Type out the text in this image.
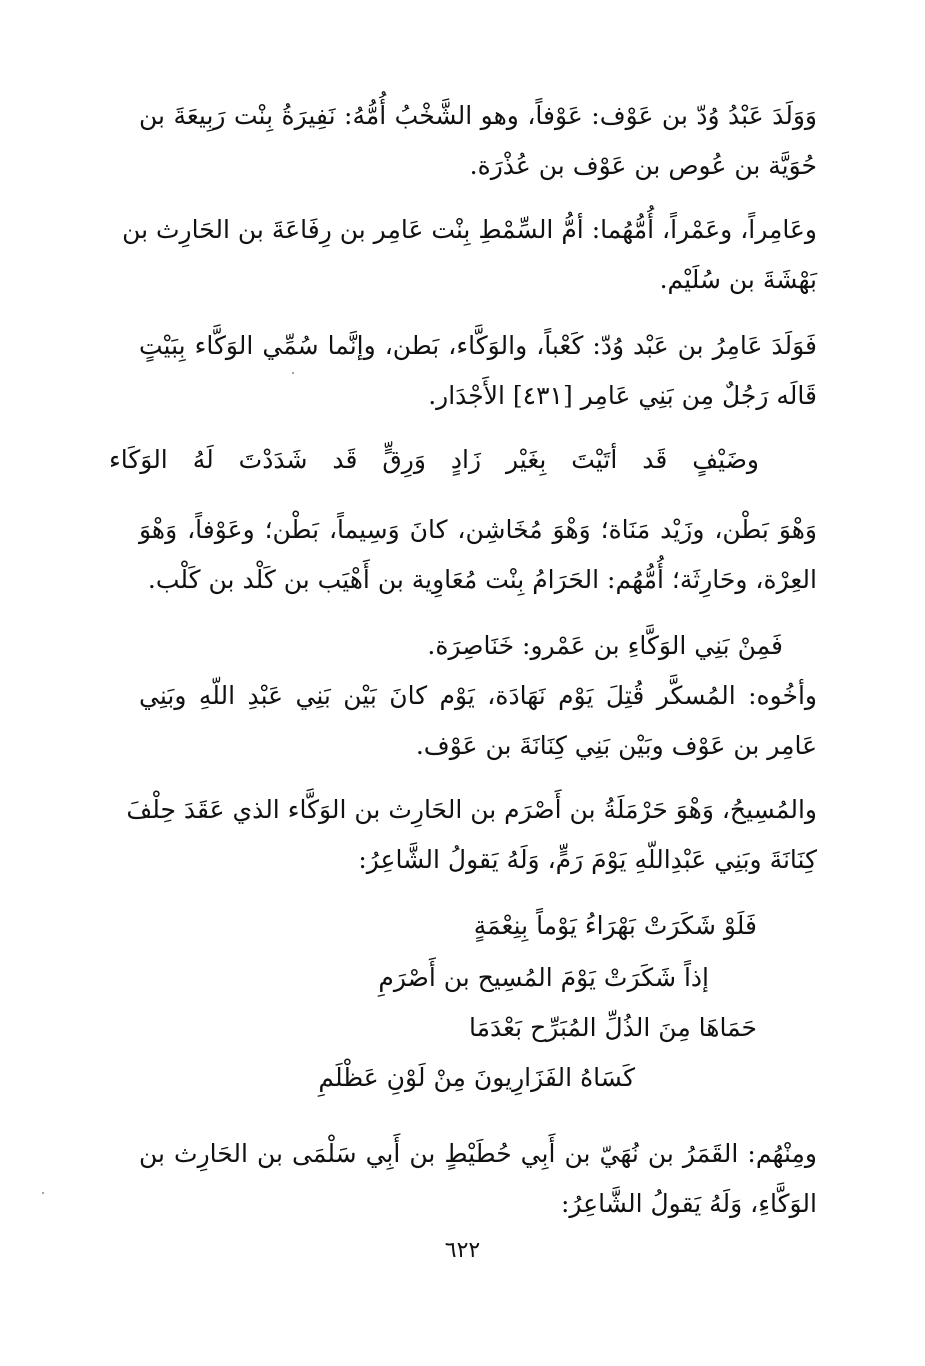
وَوَلَدَ عَبْدُ وُدّ بن عَوْف: عَوْفاً، وهو الشَّخْبُ أُمُّهُ: نَفِيرَةُ بِنْت رَبِيعَةَ بن
حُوَيَّة بن عُوص بن عَوْف بن عُذْرَة.
وعَامِراً، وعَمْراً، أُمُّهُما: أمُّ السِّمْطِ بِنْت عَامِر بن رِفَاعَةَ بن الحَارِث بن
بَهْشَةَ بن سُلَيْم.
فَوَلَدَ عَامِرُ بن عَبْد وُدّ: كَعْباً، والوَكَّاء، بَطن، وإنَّما سُمِّي الوَكَّاء بِبَيْتٍ
قَالَه رَجُلٌ مِن بَنِي عَامِر [٤٣١] الأَجْدَار.
وضَيْفٍ قَد أتَيْتَ بِغَيْر زَادٍ وَرِقٍّ قَد شَدَدْتَ لَهُ الوَكَاء
وَهْوَ بَطْن، وزَيْد مَنَاة؛ وَهْوَ مُخَاشِن، كانَ وَسِيماً، بَطْن؛ وعَوْفاً، وَهْوَ
العِرْة، وحَارِثَة؛ أُمُّهُم: الحَرَامُ بِنْت مُعَاوِية بن أَهْيَب بن كَلْد بن كَلْب.
فَمِنْ بَنِي الوَكَّاءِ بن عَمْرو: خَنَاصِرَة.
وأخُوه: المُسكَّر قُتِلَ يَوْم نَهَادَة، يَوْم كانَ بَيْن بَنِي عَبْدِ اللّهِ وبَنِي
عَامِر بن عَوْف وبَيْن بَنِي كِنَانَةَ بن عَوْف.
والمُسِيحُ، وَهْوَ حَرْمَلَةُ بن أَصْرَم بن الحَارِث بن الوَكَّاء الذي عَقَدَ حِلْفَ
كِنَانَةَ وبَنِي عَبْدِاللّهِ يَوْمَ رَمٍّ، وَلَهُ يَقولُ الشَّاعِرُ:
فَلَوْ شَكَرَتْ بَهْرَاءُ يَوْماً بِنِعْمَةٍ
إذاً شَكَرَتْ يَوْمَ المُسِيح بن أَصْرَمِ
حَمَاهَا مِنَ الذُلِّ المُبَرِّح بَعْدَمَا
كَسَاهُ الفَزَارِيونَ مِنْ لَوْنِ عَظْلَمِ
ومِنْهُم: القَمَرُ بن نُهَيّ بن أَبِي حُطَيْطٍ بن أَبِي سَلْمَى بن الحَارِث بن
الوَكَّاءِ، وَلَهُ يَقولُ الشَّاعِرُ:
٦٢٢
